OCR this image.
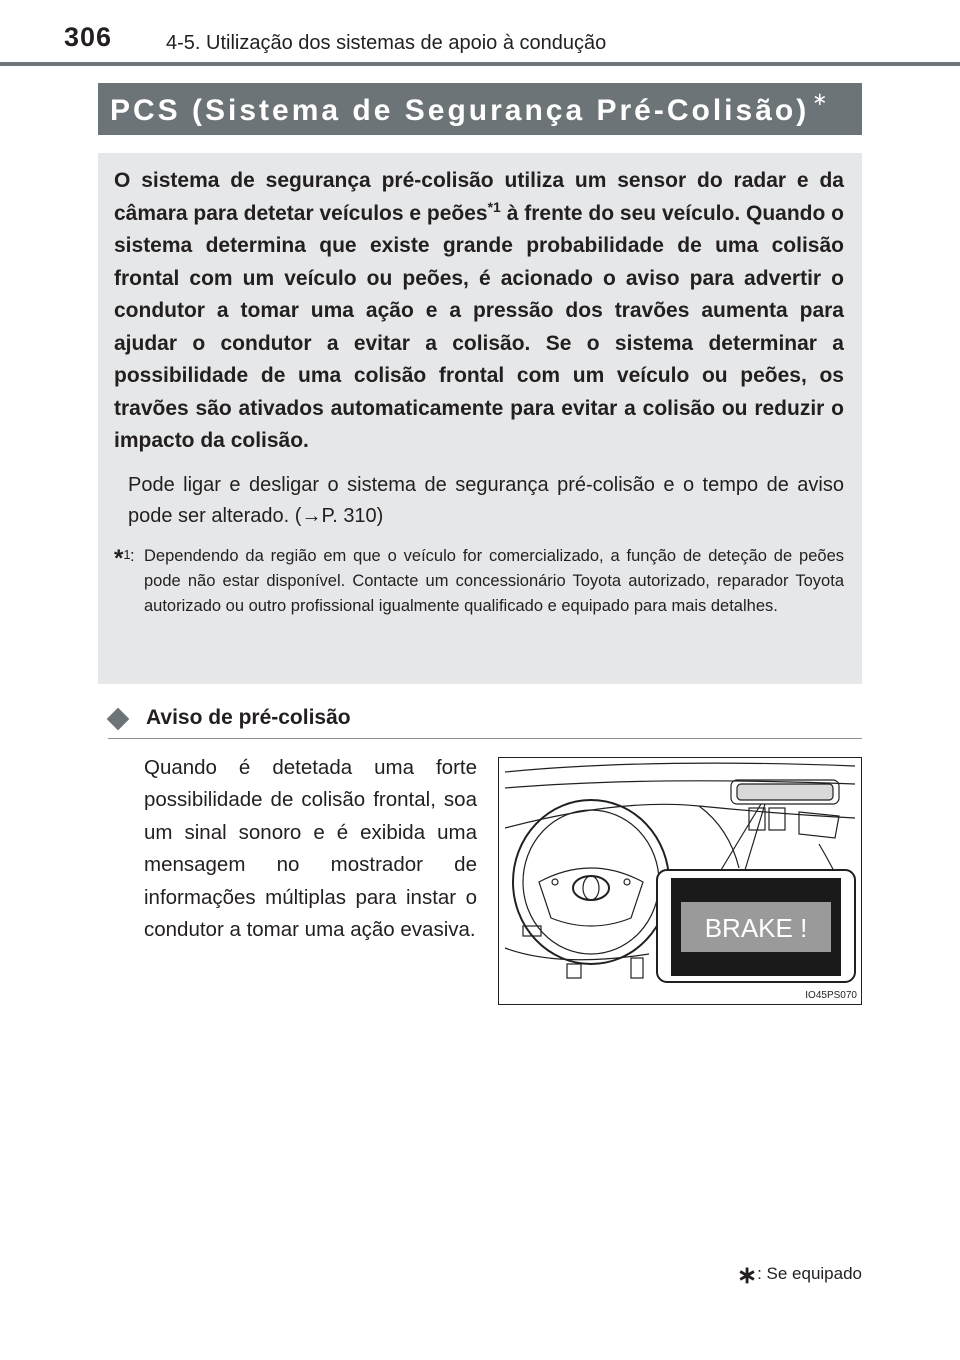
306	4-5. Utilização dos sistemas de apoio à condução
PCS (Sistema de Segurança Pré-Colisão) ∗

O sistema de segurança pré-colisão utiliza um sensor do radar e da câmara para detetar veículos e peões$^{*1}$ à frente do seu veículo. Quando o sistema determina que existe grande probabilidade de uma colisão frontal com um veículo ou peões, é acionado o aviso para advertir o condutor a tomar uma ação e a pressão dos travões aumenta para ajudar o condutor a evitar a colisão. Se o sistema determinar a possibilidade de uma colisão frontal com um veículo ou peões, os travões são ativados automaticamente para evitar a colisão ou reduzir o impacto da colisão.

Pode ligar e desligar o sistema de segurança pré-colisão e o tempo de aviso pode ser alterado. (→P. 310)

*$^1$ : Dependendo da região em que o veículo for comercializado, a função de deteção de peões pode não estar disponível. Contacte um concessionário Toyota autorizado, reparador Toyota autorizado ou outro profissional igualmente qualificado e equipado para mais detalhes.
Aviso de pré-colisão

Quando é detetada uma forte possibilidade de colisão frontal, soa um sinal sonoro e é exibida uma mensagem no mostrador de informações múltiplas para instar o condutor a tomar uma ação evasiva.	BRAKE !
IO45PS070
∗: Se equipado
